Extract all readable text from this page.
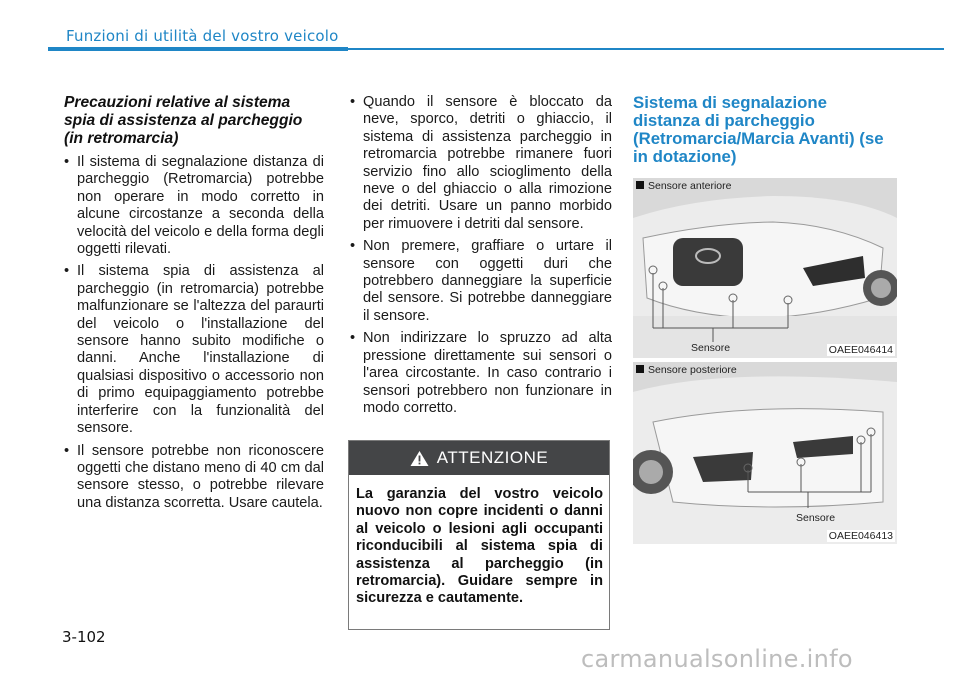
Funzioni di utilità del vostro veicolo
Precauzioni relative al sistema spia di assistenza al parcheggio (in retromarcia)
• Il sistema di segnalazione distanza di parcheggio (Retromarcia) potrebbe non operare in modo corretto in alcune circostanze a seconda della velocità del veicolo e della forma degli oggetti rilevati.
• Il sistema spia di assistenza al parcheggio (in retromarcia) potrebbe malfunzionare se l'altezza del paraurti del veicolo o l'installazione del sensore hanno subito modifiche o danni. Anche l'installazione di qualsiasi dispositivo o accessorio non di primo equipaggiamento potrebbe interferire con la funzionalità del sensore.
• Il sensore potrebbe non riconoscere oggetti che distano meno di 40 cm dal sensore stesso, o potrebbe rilevare una distanza scorretta. Usare cautela.
• Quando il sensore è bloccato da neve, sporco, detriti o ghiaccio, il sistema di assistenza parcheggio in retromarcia potrebbe rimanere fuori servizio fino allo scioglimento della neve o del ghiaccio o alla rimozione dei detriti. Usare un panno morbido per rimuovere i detriti dal sensore.
• Non premere, graffiare o urtare il sensore con oggetti duri che potrebbero danneggiare la superficie del sensore. Si potrebbe danneggiare il sensore.
• Non indirizzare lo spruzzo ad alta pressione direttamente sui sensori o l'area circostante. In caso contrario i sensori potrebbero non funzionare in modo corretto.
ATTENZIONE
La garanzia del vostro veicolo nuovo non copre incidenti o danni al veicolo o lesioni agli occupanti riconducibili al sistema spia di assistenza al parcheggio (in retromarcia). Guidare sempre in sicurezza e cautamente.
Sistema di segnalazione distanza di parcheggio (Retromarcia/Marcia Avanti) (se in dotazione)
Sensore anteriore
Sensore	OAEE046414
Sensore posteriore
Sensore
OAEE046413
3-102
carmanualsonline.info
